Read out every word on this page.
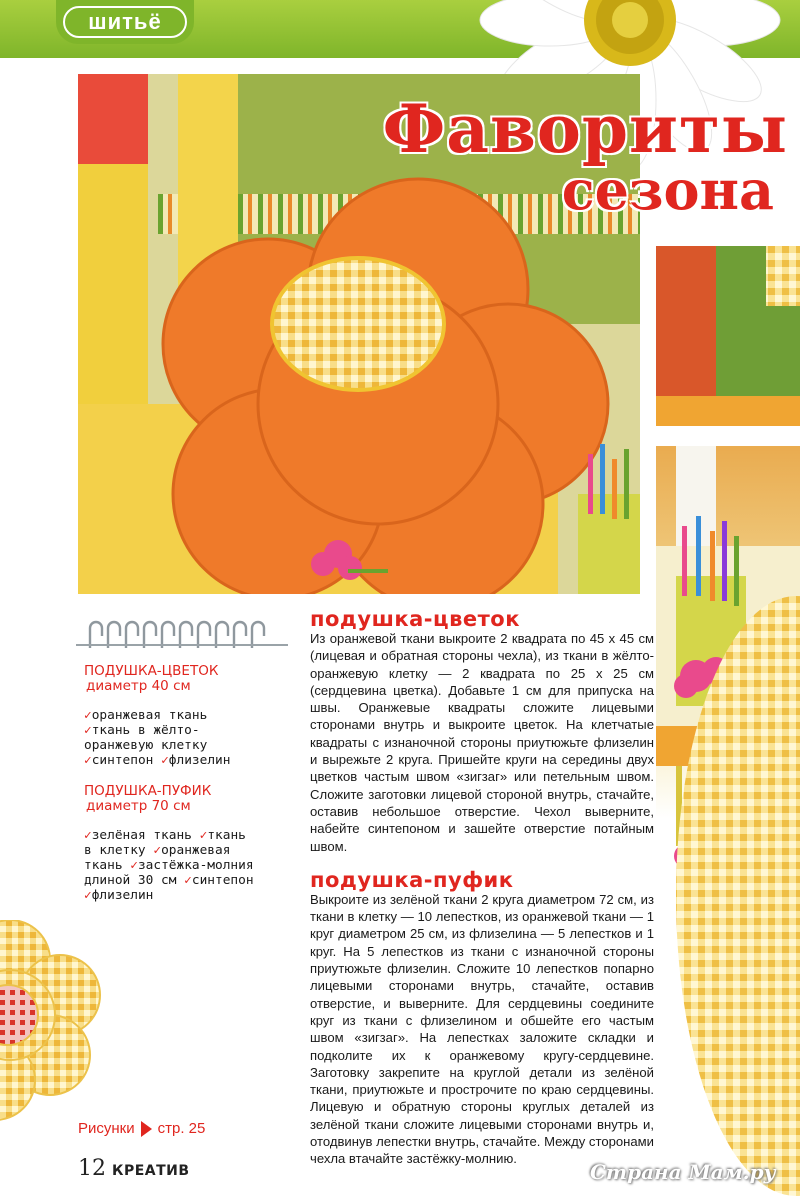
шитьё
Фавориты
сезона
ПОДУШКА-ЦВЕТОК
диаметр 40 см
✓оранжевая ткань
✓ткань в жёлто-
оранжевую клетку
✓синтепон ✓флизелин
ПОДУШКА-ПУФИК
диаметр 70 см
✓зелёная ткань ✓ткань
в клетку ✓оранжевая
ткань ✓застёжка-молния
длиной 30 см ✓синтепон
✓флизелин
подушка-цветок

Из оранжевой ткани выкроите 2 квадрата по 45 х 45 см (лицевая и обратная стороны чехла), из ткани в жёлто-оранжевую клетку — 2 квадрата по 25 х 25 см (сердцевина цветка). Добавьте 1 см для припуска на швы. Оранжевые квадраты сложите лицевыми сторонами внутрь и выкроите цветок. На клетчатые квадраты с изнаночной стороны приутюжьте флизелин и вырежьте 2 круга. Пришейте круги на середины двух цветков частым швом «зигзаг» или петельным швом. Сложите заготовки лицевой стороной внутрь, стачайте, оставив небольшое отверстие. Чехол выверните, набейте синтепоном и зашейте отверстие потайным швом.

подушка-пуфик

Выкроите из зелёной ткани 2 круга диаметром 72 см, из ткани в клетку — 10 лепестков, из оранжевой ткани — 1 круг диаметром 25 см, из флизелина — 5 лепестков и 1 круг. На 5 лепестков из ткани с изнаночной стороны приутюжьте флизелин. Сложите 10 лепестков попарно лицевыми сторонами внутрь, стачайте, оставив отверстие, и выверните. Для сердцевины соедините круг из ткани с флизелином и обшейте его частым швом «зигзаг». На лепестках заложите складки и подколите их к оранжевому кругу-сердцевине. Заготовку закрепите на круглой детали из зелёной ткани, приутюжьте и прострочите по краю сердцевины. Лицевую и обратную стороны круглых деталей из зелёной ткани сложите лицевыми сторонами внутрь и, отодвинув лепестки внутрь, стачайте. Между сторонами чехла втачайте застёжку-молнию.

Рисунки стр. 25
12 КРЕАТИВ	Страна Мам.ру
